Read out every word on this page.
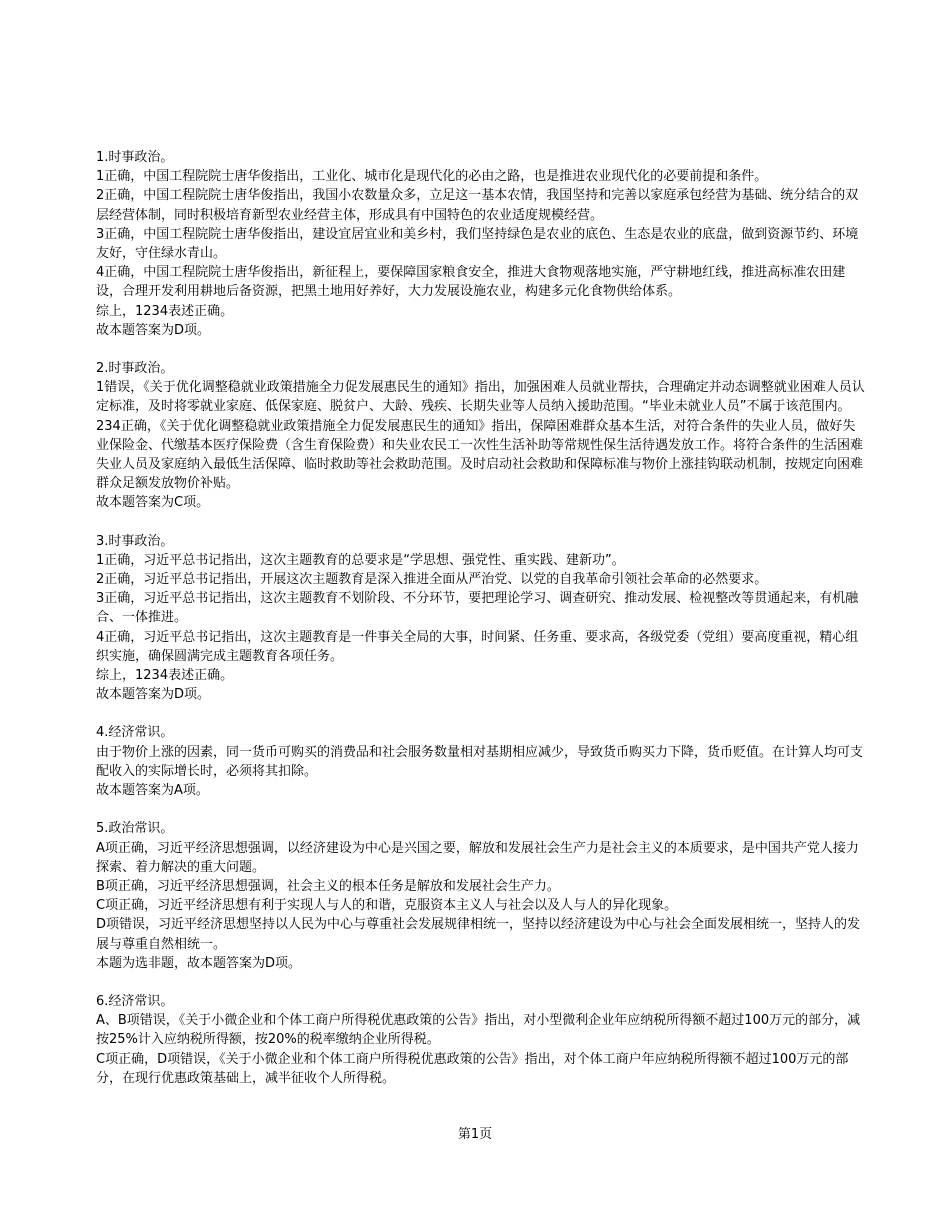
1.时事政治。

1正确，中国工程院院士唐华俊指出，工业化、城市化是现代化的必由之路，也是推进农业现代化的必要前提和条件。

2正确，中国工程院院士唐华俊指出，我国小农数量众多，立足这一基本农情，我国坚持和完善以家庭承包经营为基础、统分结合的双层经营体制，同时积极培育新型农业经营主体，形成具有中国特色的农业适度规模经营。

3正确，中国工程院院士唐华俊指出，建设宜居宜业和美乡村，我们坚持绿色是农业的底色、生态是农业的底盘，做到资源节约、环境友好，守住绿水青山。

4正确，中国工程院院士唐华俊指出，新征程上，要保障国家粮食安全，推进大食物观落地实施，严守耕地红线，推进高标准农田建设，合理开发利用耕地后备资源，把黑土地用好养好，大力发展设施农业，构建多元化食物供给体系。

综上，1234表述正确。

故本题答案为D项。

2.时事政治。

1错误，《关于优化调整稳就业政策措施全力促发展惠民生的通知》指出，加强困难人员就业帮扶，合理确定并动态调整就业困难人员认定标准，及时将零就业家庭、低保家庭、脱贫户、大龄、残疾、长期失业等人员纳入援助范围。“毕业未就业人员”不属于该范围内。

234正确，《关于优化调整稳就业政策措施全力促发展惠民生的通知》指出，保障困难群众基本生活，对符合条件的失业人员，做好失业保险金、代缴基本医疗保险费（含生育保险费）和失业农民工一次性生活补助等常规性保生活待遇发放工作。将符合条件的生活困难失业人员及家庭纳入最低生活保障、临时救助等社会救助范围。及时启动社会救助和保障标准与物价上涨挂钩联动机制，按规定向困难群众足额发放物价补贴。

故本题答案为C项。

3.时事政治。

1正确，习近平总书记指出，这次主题教育的总要求是“学思想、强党性、重实践、建新功”。

2正确，习近平总书记指出，开展这次主题教育是深入推进全面从严治党、以党的自我革命引领社会革命的必然要求。

3正确，习近平总书记指出，这次主题教育不划阶段、不分环节，要把理论学习、调查研究、推动发展、检视整改等贯通起来，有机融合、一体推进。

4正确，习近平总书记指出，这次主题教育是一件事关全局的大事，时间紧、任务重、要求高，各级党委（党组）要高度重视，精心组织实施，确保圆满完成主题教育各项任务。

综上，1234表述正确。

故本题答案为D项。

4.经济常识。

由于物价上涨的因素，同一货币可购买的消费品和社会服务数量相对基期相应减少，导致货币购买力下降，货币贬值。在计算人均可支配收入的实际增长时，必须将其扣除。

故本题答案为A项。

5.政治常识。

A项正确，习近平经济思想强调，以经济建设为中心是兴国之要，解放和发展社会生产力是社会主义的本质要求，是中国共产党人接力探索、着力解决的重大问题。

B项正确，习近平经济思想强调，社会主义的根本任务是解放和发展社会生产力。

C项正确，习近平经济思想有利于实现人与人的和谐，克服资本主义人与社会以及人与人的异化现象。

D项错误，习近平经济思想坚持以人民为中心与尊重社会发展规律相统一，坚持以经济建设为中心与社会全面发展相统一，坚持人的发展与尊重自然相统一。

本题为选非题，故本题答案为D项。

6.经济常识。

A、B项错误，《关于小微企业和个体工商户所得税优惠政策的公告》指出，对小型微利企业年应纳税所得额不超过100万元的部分，减按25%计入应纳税所得额，按20%的税率缴纳企业所得税。

C项正确，D项错误，《关于小微企业和个体工商户所得税优惠政策的公告》指出，对个体工商户年应纳税所得额不超过100万元的部分，在现行优惠政策基础上，减半征收个人所得税。

第1页
